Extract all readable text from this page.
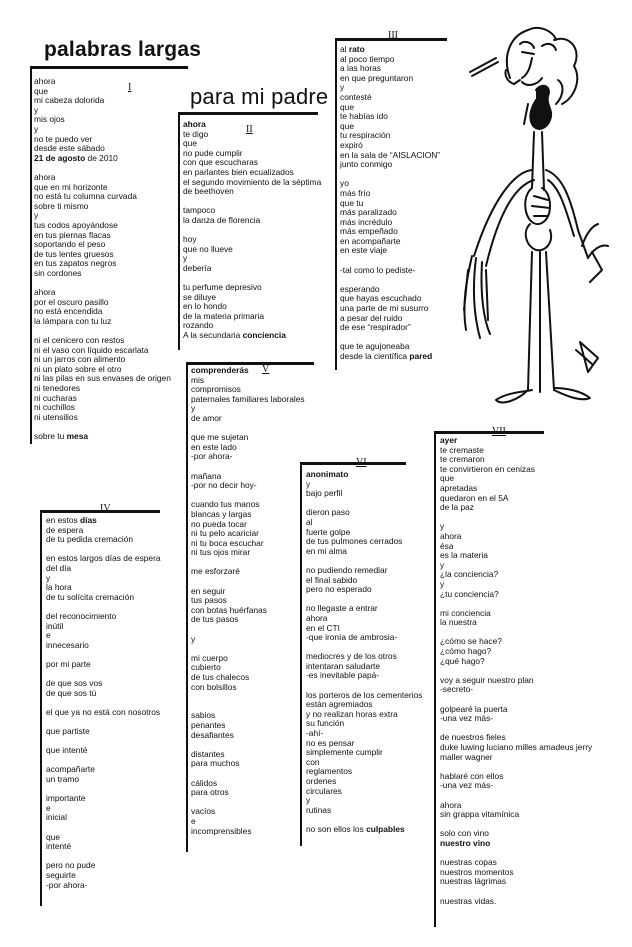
palabras largas
para mi padre
I
ahora
que
mi cabeza dolorida
y
mis ojos
y
no te puedo ver
desde este sábado
21 de agosto de 2010
ahora
que en mi horizonte
no está tu columna curvada
sobre ti mismo
y
tus codos apoyándose
en tus piernas flacas
soportando el peso
de tus lentes gruesos
en tus zapatos negros
sin cordones
ahora
por el oscuro pasillo
no está encendida
la lámpara con tu luz
ni el cenicero con restos
ni el vaso con líquido escarlata
ni un jarros con alimento
ni un plato sobre el otro
ni las pilas en sus envases de origen
ni tenedores
ni cucharas
ni cuchillos
ni utensilios
sobre tu mesa
II
ahora
te digo
que
no pude cumplir
con que escucharas
en parlantes bien ecualizados
el segundo movimiento de la séptima
de beethoven
tampoco
la danza de florencia
hoy
que no llueve
y
debería
tu perfume depresivo
se diluye
en lo hondo
de la materia primaria
rozando
A la secundaria conciencia
III
al rato
al poco tiempo
a las horas
en que preguntaron
y
contesté
que
te habías ido
que
tu respiración
expiró
en la sala de “AISLACION”
junto conmigo
yo
más frío
que tu
más paralizado
más incrédulo
más empeñado
en acompañarte
en este viaje
-tal como lo pediste-
esperando
que hayas escuchado
una parte de mi susurro
a pesar del ruido
de ese “respirador”
que te agujoneaba
desde la científica pared
IV
en estos días
de espera
de tu pedida cremación
en estos largos días de espera
del día
y
la hora
de tu solícita cremación
del reconocimiento
inútil
e
innecesario
por mi parte
de que sos vos
de que sos tú
el que ya no está con nosotros
que partiste
que intenté
acompañarte
un tramo
importante
e
inicial
que
intenté
pero no pude
seguirte
-por ahora-
V
comprenderás
mis
compromisos
paternales familiares laborales
y
de amor
que me sujetan
en este lado
-por ahora-
mañana
-por no decir hoy-
cuando tus manos
blancas y largas
no pueda tocar
ni tu pelo acariciar
ni tu boca escuchar
ni tus ojos mirar
me esforzaré
en seguir
tus pasos
con botas huérfanas
de tus pasos
y
mi cuerpo
cubierto
de tus chalecos
con bolsillos
sabios
penantes
desafiantes
distantes
para muchos
cálidos
para otros
vacíos
e
incomprensibles
VI
anonimato
y
bajo perfil
dieron paso
al
fuerte golpe
de tus pulmones cerrados
en mi alma
no pudiendo remediar
el final sabido
pero no esperado
no llegaste a entrar
ahora
en el CTI
-que ironía de ambrosia-
mediocres y de los otros
intentaran saludarte
-es inevitable papá-
los porteros de los cementerios
están agremiados
y no realizan horas extra
su función
-ahí-
no es pensar
simplemente cumplir
con
reglamentos
ordenes
circulares
y
rutinas
no son ellos los culpables
VII
ayer
te cremaste
te cremaron
te convirtieron en cenizas
que
apretadas
quedaron en el 5A
de la paz
y
ahora
ésa
es la materia
y
¿la conciencia?
y
¿tu conciencia?
mi conciencia
la nuestra
¿cómo se hace?
¿cómo hago?
¿qué hago?
voy a seguir nuestro plan
-secreto-
golpearé la puerta
-una vez más-
de nuestros fieles
duke luwing luciano milles amadeus jerry
maller wagner
hablaré con ellos
-una vez más-
ahora
sin grappa vitamínica
solo con vino
nuestro vino
nuestras copas
nuestros momentos
nuestras lágrimas
nuestras vidas.
